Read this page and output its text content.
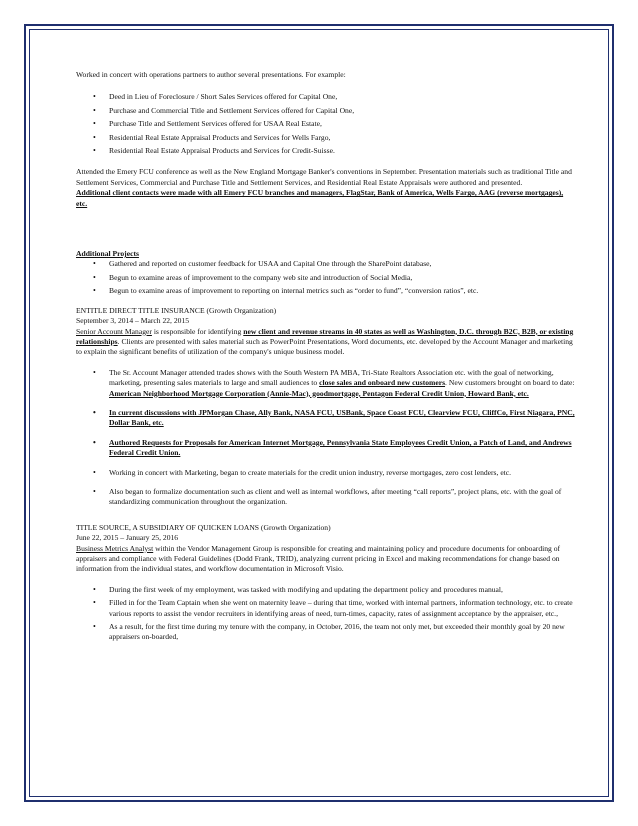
Worked in concert with operations partners to author several presentations. For example:

• Deed in Lieu of Foreclosure / Short Sales Services offered for Capital One,
• Purchase and Commercial Title and Settlement Services offered for Capital One,
• Purchase Title and Settlement Services offered for USAA Real Estate,
• Residential Real Estate Appraisal Products and Services for Wells Fargo,
• Residential Real Estate Appraisal Products and Services for Credit-Suisse.

Attended the Emery FCU conference as well as the New England Mortgage Banker's conventions in September. Presentation materials such as traditional Title and Settlement Services, Commercial and Purchase Title and Settlement Services, and Residential Real Estate Appraisals were authored and presented.

Additional client contacts were made with all Emery FCU branches and managers, FlagStar, Bank of America, Wells Fargo, AAG (reverse mortgages), etc.

Additional Projects

• Gathered and reported on customer feedback for USAA and Capital One through the SharePoint database,
• Begun to examine areas of improvement to the company web site and introduction of Social Media,
• Begun to examine areas of improvement to reporting on internal metrics such as “order to fund”, “conversion ratios”, etc.

ENTITLE DIRECT TITLE INSURANCE (Growth Organization)

September 3, 2014 – March 22, 2015

Senior Account Manager is responsible for identifying new client and revenue streams in 40 states as well as Washington, D.C. through B2C, B2B, or existing relationships. Clients are presented with sales material such as PowerPoint Presentations, Word documents, etc. developed by the Account Manager and marketing to explain the significant benefits of utilization of the company's unique business model.

• The Sr. Account Manager attended trades shows with the South Western PA MBA, Tri-State Realtors Association etc. with the goal of networking, marketing, presenting sales materials to large and small audiences to close sales and onboard new customers. New customers brought on board to date: American Neighborhood Mortgage Corporation (Annie-Mac), goodmortgage, Pentagon Federal Credit Union, Howard Bank, etc.
• In current discussions with JPMorgan Chase, Ally Bank, NASA FCU, USBank, Space Coast FCU, Clearview FCU, CliffCo, First Niagara, PNC, Dollar Bank, etc.
• Authored Requests for Proposals for American Internet Mortgage, Pennsylvania State Employees Credit Union, a Patch of Land, and Andrews Federal Credit Union.
• Working in concert with Marketing, began to create materials for the credit union industry, reverse mortgages, zero cost lenders, etc.
• Also began to formalize documentation such as client and well as internal workflows, after meeting “call reports”, project plans, etc. with the goal of standardizing communication throughout the organization.

TITLE SOURCE, A SUBSIDIARY OF QUICKEN LOANS (Growth Organization)

June 22, 2015 – January 25, 2016

Business Metrics Analyst within the Vendor Management Group is responsible for creating and maintaining policy and procedure documents for onboarding of appraisers and compliance with Federal Guidelines (Dodd Frank, TRID), analyzing current pricing in Excel and making recommendations for change based on information from the individual states, and workflow documentation in Microsoft Visio.

• During the first week of my employment, was tasked with modifying and updating the department policy and procedures manual,
• Filled in for the Team Captain when she went on maternity leave – during that time, worked with internal partners, information technology, etc. to create various reports to assist the vendor recruiters in identifying areas of need, turn-times, capacity, rates of assignment acceptance by the appraiser, etc.,
• As a result, for the first time during my tenure with the company, in October, 2016, the team not only met, but exceeded their monthly goal by 20 new appraisers on-boarded,
